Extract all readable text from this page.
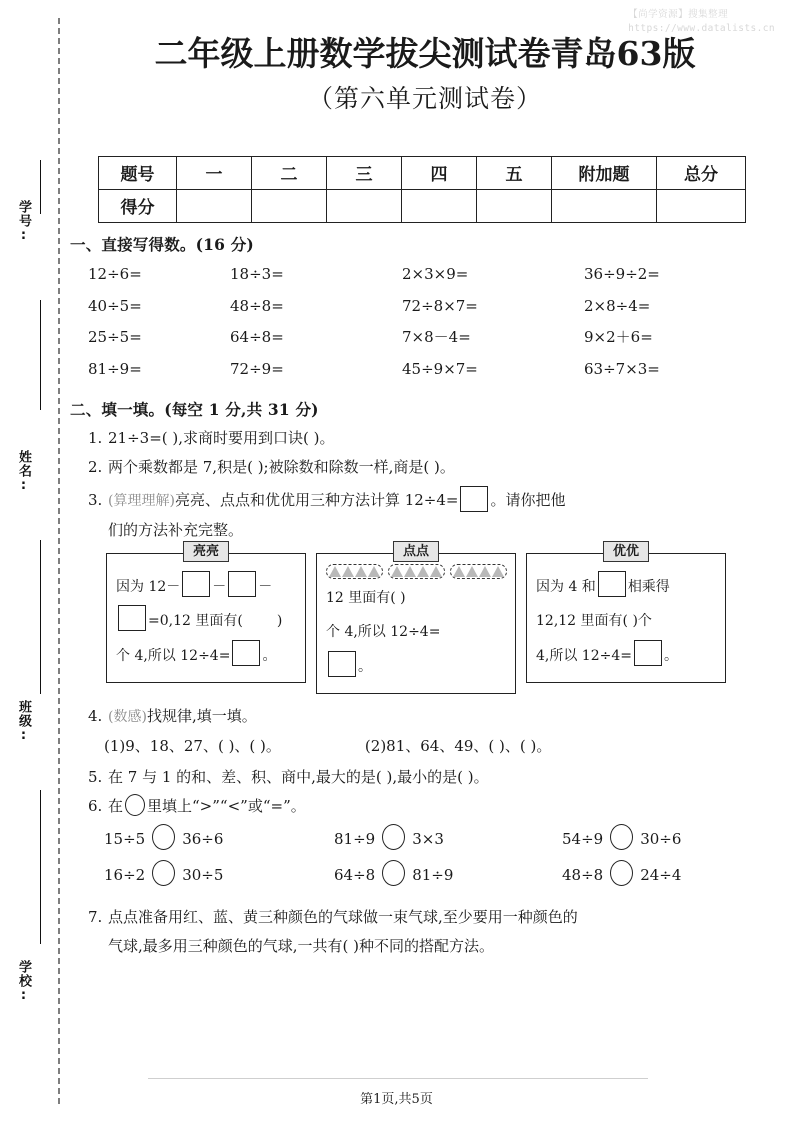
学号:
姓名:
班级:
学校:
【尚学资源】搜集整理
https://www.datalists.cn
二年级上册数学拔尖测试卷青岛63版
（第六单元测试卷）
题号	一	二	三	四	五	附加题	总分
得分							
一、直接写得数。(16 分)
12÷6=	18÷3=	2×3×9=	36÷9÷2=
40÷5=	48÷8=	72÷8×7=	2×8÷4=
25÷5=	64÷8=	7×8－4=	9×2＋6=
81÷9=	72÷9=	45÷9×7=	63÷7×3=
二、填一填。(每空 1 分,共 31 分)
1. 21÷3=( ),求商时要用到口诀( )。
2. 两个乘数都是 7,积是( );被除数和除数一样,商是( )。
3. (算理理解)亮亮、点点和优优用三种方法计算 12÷4= 。请你把他
们的方法补充完整。
亮亮
因为 12－ － －
=0,12 里面有( )
个 4,所以 12÷4= 。
点点
12 里面有( )
个 4,所以 12÷4=
。
优优
因为 4 和 相乘得
12,12 里面有( )个
4,所以 12÷4= 。
4. (数感)找规律,填一填。
(1)9、18、27、( )、( )。	(2)81、64、49、( )、( )。
5. 在 7 与 1 的和、差、积、商中,最大的是( ),最小的是( )。
6. 在 里填上“>”“<”或“=”。
15÷5 36÷6	81÷9 3×3	54÷9 30÷6
16÷2 30÷5	64÷8 81÷9	48÷8 24÷4
7. 点点准备用红、蓝、黄三种颜色的气球做一束气球,至少要用一种颜色的
气球,最多用三种颜色的气球,一共有( )种不同的搭配方法。
第1页,共5页
